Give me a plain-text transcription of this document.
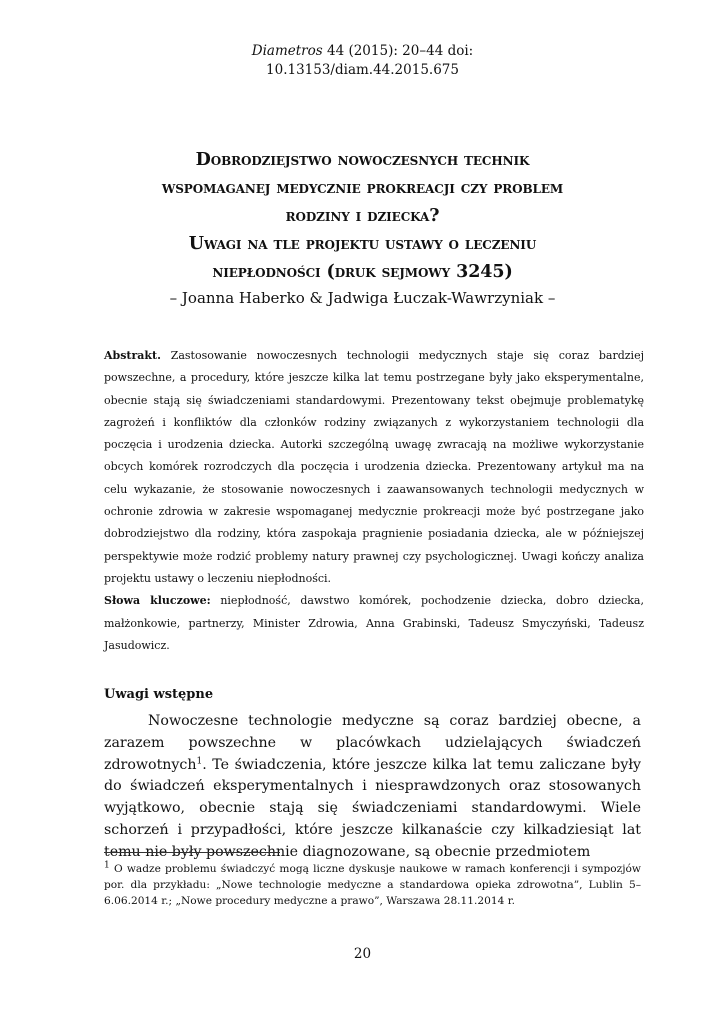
Diametros 44 (2015): 20–44 doi:
10.13153/diam.44.2015.675
Dobrodziejstwo nowoczesnych technik
wspomaganej medycznie prokreacji czy problem
rodziny i dziecka?
Uwagi na tle projektu ustawy o leczeniu
niepłodności (druk sejmowy 3245)
– Joanna Haberko & Jadwiga Łuczak-Wawrzyniak –

Abstrakt. Zastosowanie nowoczesnych technologii medycznych staje się coraz bardziej powszechne, a procedury, które jeszcze kilka lat temu postrzegane były jako eksperymentalne, obecnie stają się świadczeniami standardowymi. Prezentowany tekst obejmuje problematykę zagrożeń i konfliktów dla członków rodziny związanych z wykorzystaniem technologii dla poczęcia i urodzenia dziecka. Autorki szczególną uwagę zwracają na możliwe wykorzystanie obcych komórek rozrodczych dla poczęcia i urodzenia dziecka. Prezentowany artykuł ma na celu wykazanie, że stosowanie nowoczesnych i zaawansowanych technologii medycznych w ochronie zdrowia w zakresie wspomaganej medycznie prokreacji może być postrzegane jako dobrodziejstwo dla rodziny, która zaspokaja pragnienie posiadania dziecka, ale w późniejszej perspektywie może rodzić problemy natury prawnej czy psychologicznej. Uwagi kończy analiza projektu ustawy o leczeniu niepłodności.

Słowa kluczowe: niepłodność, dawstwo komórek, pochodzenie dziecka, dobro dziecka, małżonkowie, partnerzy, Minister Zdrowia, Anna Grabinski, Tadeusz Smyczyński, Tadeusz Jasudowicz.

Uwagi wstępne

Nowoczesne technologie medyczne są coraz bardziej obecne, a zarazem powszechne w placówkach udzielających świadczeń zdrowotnych$^1$. Te świadczenia, które jeszcze kilka lat temu zaliczane były do świadczeń eksperymentalnych i niesprawdzonych oraz stosowanych wyjątkowo, obecnie stają się świadczeniami standardowymi. Wiele schorzeń i przypadłości, które jeszcze kilkanaście czy kilkadziesiąt lat temu nie były powszechnie diagnozowane, są obecnie przedmiotem

$^1$ O wadze problemu świadczyć mogą liczne dyskusje naukowe w ramach konferencji i sympozjów por. dla przykładu: „Nowe technologie medyczne a standardowa opieka zdrowotna”, Lublin 5–6.06.2014 r.; „Nowe procedury medyczne a prawo”, Warszawa 28.11.2014 r.

20
